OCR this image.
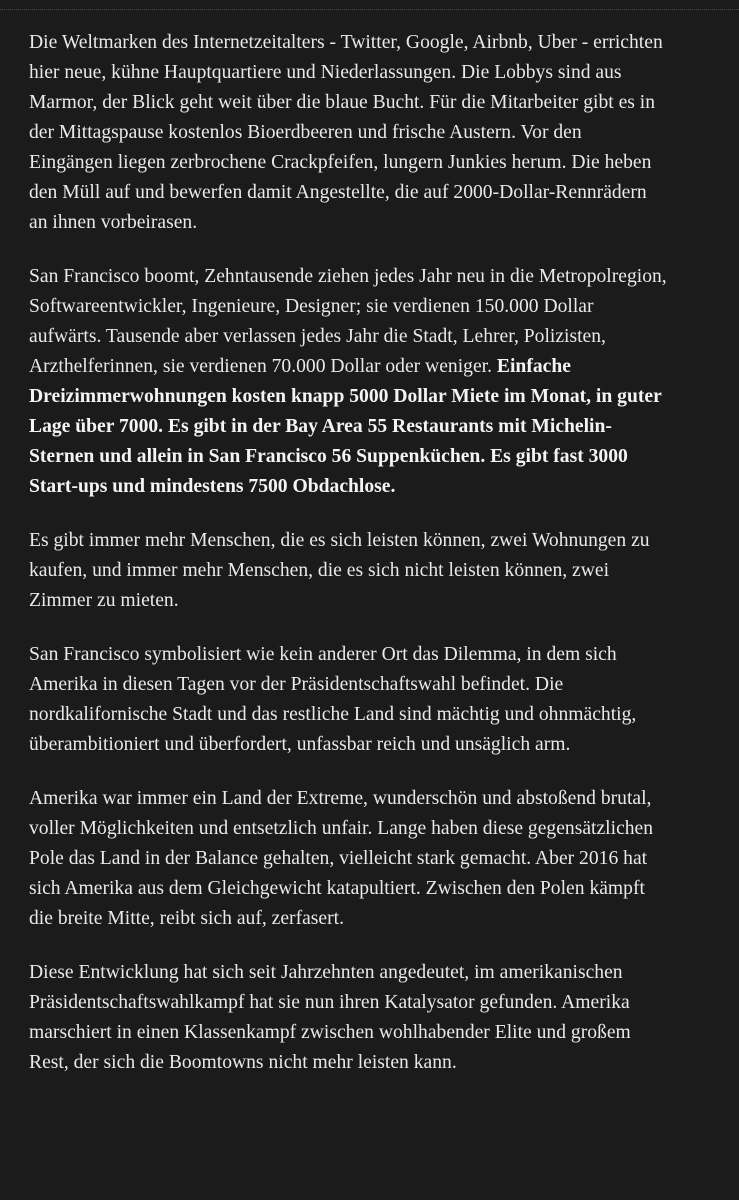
Die Weltmarken des Internetzeitalters - Twitter, Google, Airbnb, Uber - errichten hier neue, kühne Hauptquartiere und Niederlassungen. Die Lobbys sind aus Marmor, der Blick geht weit über die blaue Bucht. Für die Mitarbeiter gibt es in der Mittagspause kostenlos Bioerdbeeren und frische Austern. Vor den Eingängen liegen zerbrochene Crackpfeifen, lungern Junkies herum. Die heben den Müll auf und bewerfen damit Angestellte, die auf 2000-Dollar-Rennrädern an ihnen vorbeirasen.

San Francisco boomt, Zehntausende ziehen jedes Jahr neu in die Metropolregion, Softwareentwickler, Ingenieure, Designer; sie verdienen 150.000 Dollar aufwärts. Tausende aber verlassen jedes Jahr die Stadt, Lehrer, Polizisten, Arzthelferinnen, sie verdienen 70.000 Dollar oder weniger. Einfache Dreizimmerwohnungen kosten knapp 5000 Dollar Miete im Monat, in guter Lage über 7000. Es gibt in der Bay Area 55 Restaurants mit Michelin-Sternen und allein in San Francisco 56 Suppenküchen. Es gibt fast 3000 Start-ups und mindestens 7500 Obdachlose.

Es gibt immer mehr Menschen, die es sich leisten können, zwei Wohnungen zu kaufen, und immer mehr Menschen, die es sich nicht leisten können, zwei Zimmer zu mieten.

San Francisco symbolisiert wie kein anderer Ort das Dilemma, in dem sich Amerika in diesen Tagen vor der Präsidentschaftswahl befindet. Die nordkalifornische Stadt und das restliche Land sind mächtig und ohnmächtig, überambitioniert und überfordert, unfassbar reich und unsäglich arm.

Amerika war immer ein Land der Extreme, wunderschön und abstoßend brutal, voller Möglichkeiten und entsetzlich unfair. Lange haben diese gegensätzlichen Pole das Land in der Balance gehalten, vielleicht stark gemacht. Aber 2016 hat sich Amerika aus dem Gleichgewicht katapultiert. Zwischen den Polen kämpft die breite Mitte, reibt sich auf, zerfasert.

Diese Entwicklung hat sich seit Jahrzehnten angedeutet, im amerikanischen Präsidentschaftswahlkampf hat sie nun ihren Katalysator gefunden. Amerika marschiert in einen Klassenkampf zwischen wohlhabender Elite und großem Rest, der sich die Boomtowns nicht mehr leisten kann.
